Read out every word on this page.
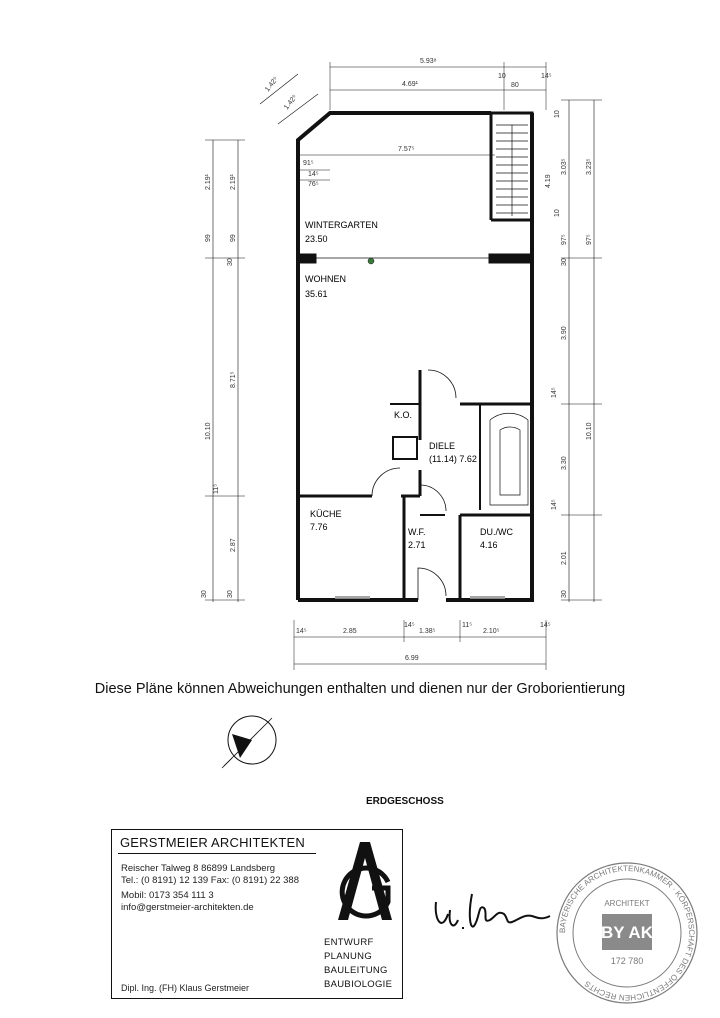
5.93⁸
4.69¹
10	14⁵
80
1.42⁵
1.42⁵
7.57⁵
91⁵
14⁵
76⁵
2.19¹
99
10.10
11⁵
30
2.19¹
99
30
8.71⁵
2.87
30
10
3.03⁵
4.19
10
97⁵
30
3.90
14⁵
3.30
14⁵
2.01
30
3.23⁵
97⁵
10.10
14⁵	2.85
14⁵
1.38⁵
11⁵
2.10⁵
14⁵
6.99
WINTERGARTEN
23.50
WOHNEN
35.61
K.O.
DIELE
(11.14) 7.62
KÜCHE
7.76	W.F.
2.71
DU./WC
4.16
Diese Pläne können Abweichungen enthalten und dienen nur der Groborientierung
ERDGESCHOSS
GERSTMEIER ARCHITEKTEN
Reischer Talweg 8 86899 Landsberg
Tel.: (0 8191) 12 139 Fax: (0 8191) 22 388
Mobil: 0173 354 111 3
info@gerstmeier-architekten.de
ENTWURF
PLANUNG
BAULEITUNG
BAUBIOLOGIE
Dipl. Ing. (FH) Klaus Gerstmeier
BAYERISCHE ARCHITEKTENKAMMER · KÖRPERSCHAFT DES ÖFFENTLICHEN RECHTS
ARCHITEKT
BY AK
172 780
